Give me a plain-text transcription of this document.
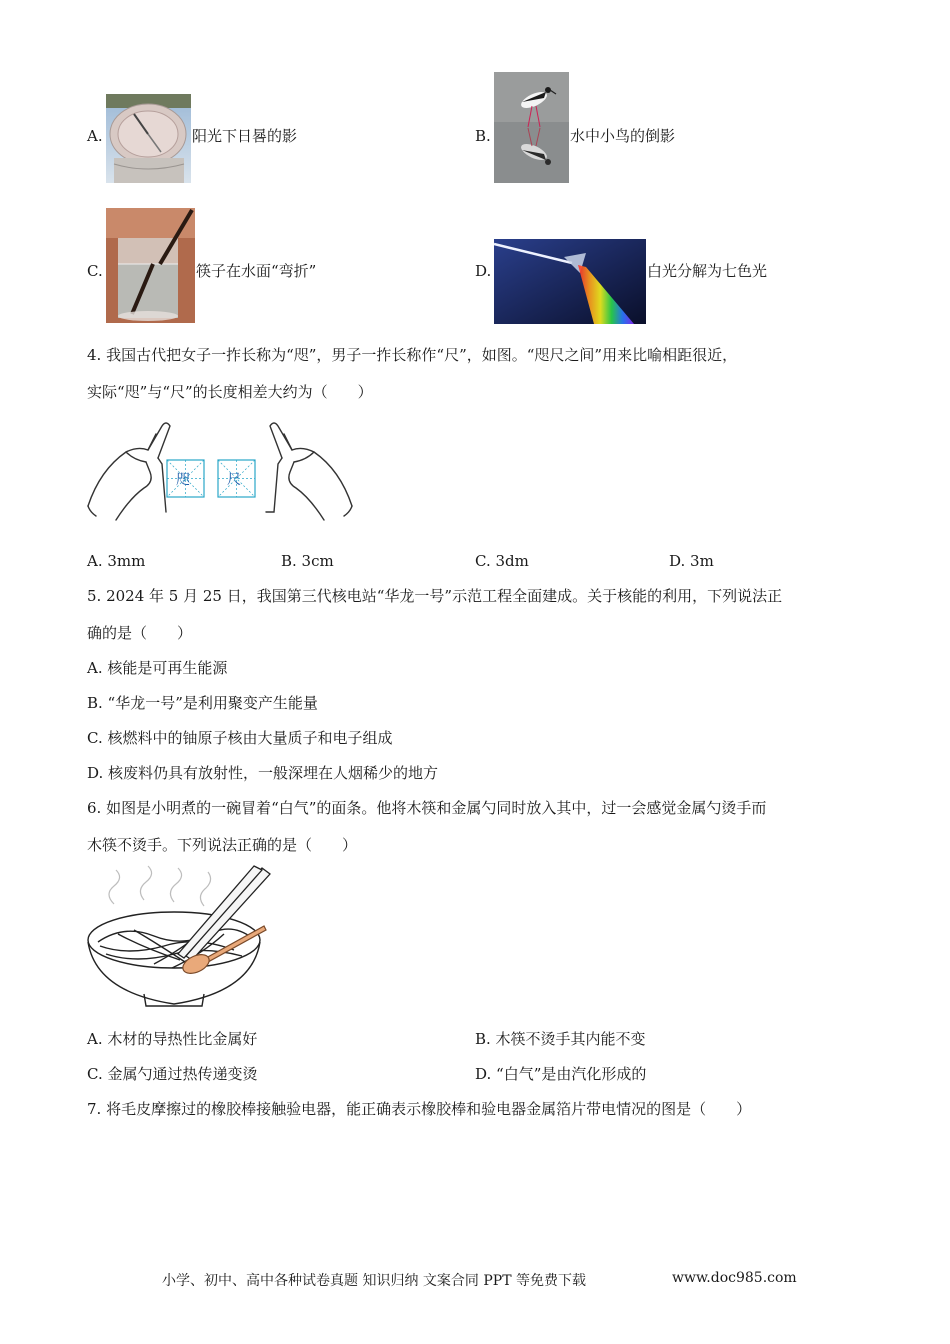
A.	阳光下日晷的影	B.	水中小鸟的倒影
C.	筷子在水面“弯折”	D.	白光分解为七色光
4. 我国古代把女子一拃长称为“咫”，男子一拃长称作“尺”，如图。“咫尺之间”用来比喻相距很近，
实际“咫”与“尺”的长度相差大约为（　　）
咫	尺
A. 3mm	B. 3cm	C. 3dm	D. 3m
5. 2024 年 5 月 25 日，我国第三代核电站“华龙一号”示范工程全面建成。关于核能的利用，下列说法正
确的是（　　）
A. 核能是可再生能源
B. “华龙一号”是利用聚变产生能量
C. 核燃料中的铀原子核由大量质子和电子组成
D. 核废料仍具有放射性，一般深埋在人烟稀少的地方
6. 如图是小明煮的一碗冒着“白气”的面条。他将木筷和金属勺同时放入其中，过一会感觉金属勺烫手而
木筷不烫手。下列说法正确的是（　　）
A. 木材的导热性比金属好	B. 木筷不烫手其内能不变
C. 金属勺通过热传递变烫	D. “白气”是由汽化形成的
7. 将毛皮摩擦过的橡胶棒接触验电器，能正确表示橡胶棒和验电器金属箔片带电情况的图是（　　）
小学、初中、高中各种试卷真题 知识归纳 文案合同 PPT 等免费下载	www.doc985.com
